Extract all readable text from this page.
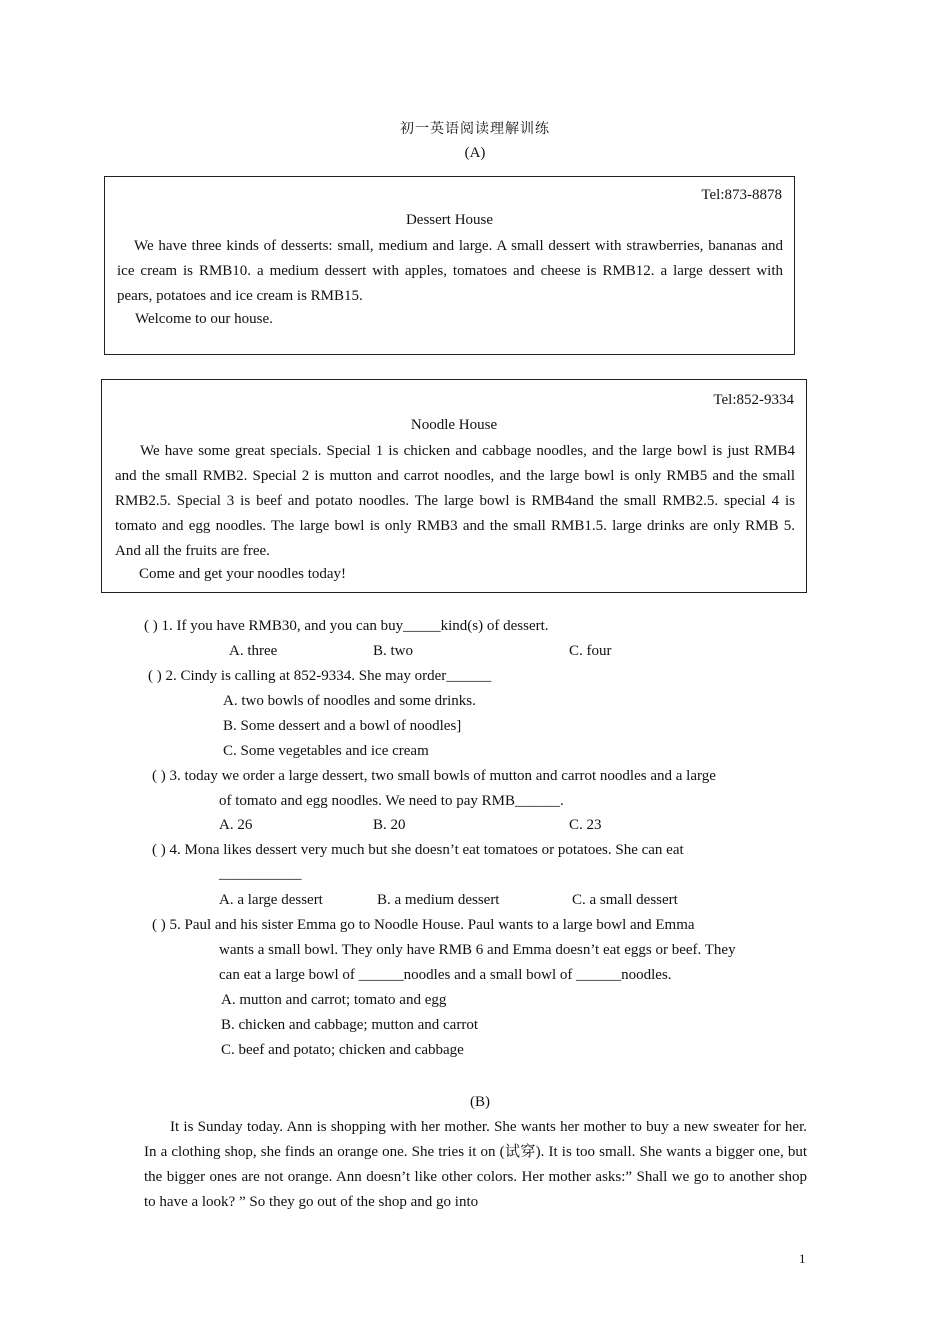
初一英语阅读理解训练
(A)
Tel:873-8878
Dessert House
We have three kinds of desserts: small, medium and large. A small dessert with strawberries, bananas and ice cream is RMB10. a medium dessert with apples, tomatoes and cheese is RMB12. a large dessert with pears, potatoes and ice cream is RMB15.
Welcome to our house.
Tel:852-9334
Noodle House
We have some great specials. Special 1 is chicken and cabbage noodles, and the large bowl is just RMB4 and the small RMB2. Special 2 is mutton and carrot noodles, and the large bowl is only RMB5 and the small RMB2.5. Special 3 is beef and potato noodles. The large bowl is RMB4and the small RMB2.5. special 4 is tomato and egg noodles. The large bowl is only RMB3 and the small RMB1.5. large drinks are only RMB 5. And all the fruits are free.
Come and get your noodles today!
( ) 1. If you have RMB30, and you can buy_____kind(s) of dessert.
A. three	B. two	C. four
( ) 2. Cindy is calling at 852-9334. She may order______
A. two bowls of noodles and some drinks.
B. Some dessert and a bowl of noodles]
C. Some vegetables and ice cream
( ) 3. today we order a large dessert, two small bowls of mutton and carrot noodles and a large
of tomato and egg noodles. We need to pay RMB______.
A. 26	B. 20	C. 23
( ) 4. Mona likes dessert very much but she doesn’t eat tomatoes or potatoes. She can eat
___________
A. a large dessert	B. a medium dessert	C. a small dessert
( ) 5. Paul and his sister Emma go to Noodle House. Paul wants to a large bowl and Emma
wants a small bowl. They only have RMB 6 and Emma doesn’t eat eggs or beef. They
can eat a large bowl of ______noodles and a small bowl of ______noodles.
A. mutton and carrot; tomato and egg
B. chicken and cabbage; mutton and carrot
C. beef and potato; chicken and cabbage
(B)
It is Sunday today. Ann is shopping with her mother. She wants her mother to buy a new sweater for her. In a clothing shop, she finds an orange one. She tries it on (试穿). It is too small. She wants a bigger one, but the bigger ones are not orange. Ann doesn’t like other colors. Her mother asks:” Shall we go to another shop to have a look? ” So they go out of the shop and go into
1
